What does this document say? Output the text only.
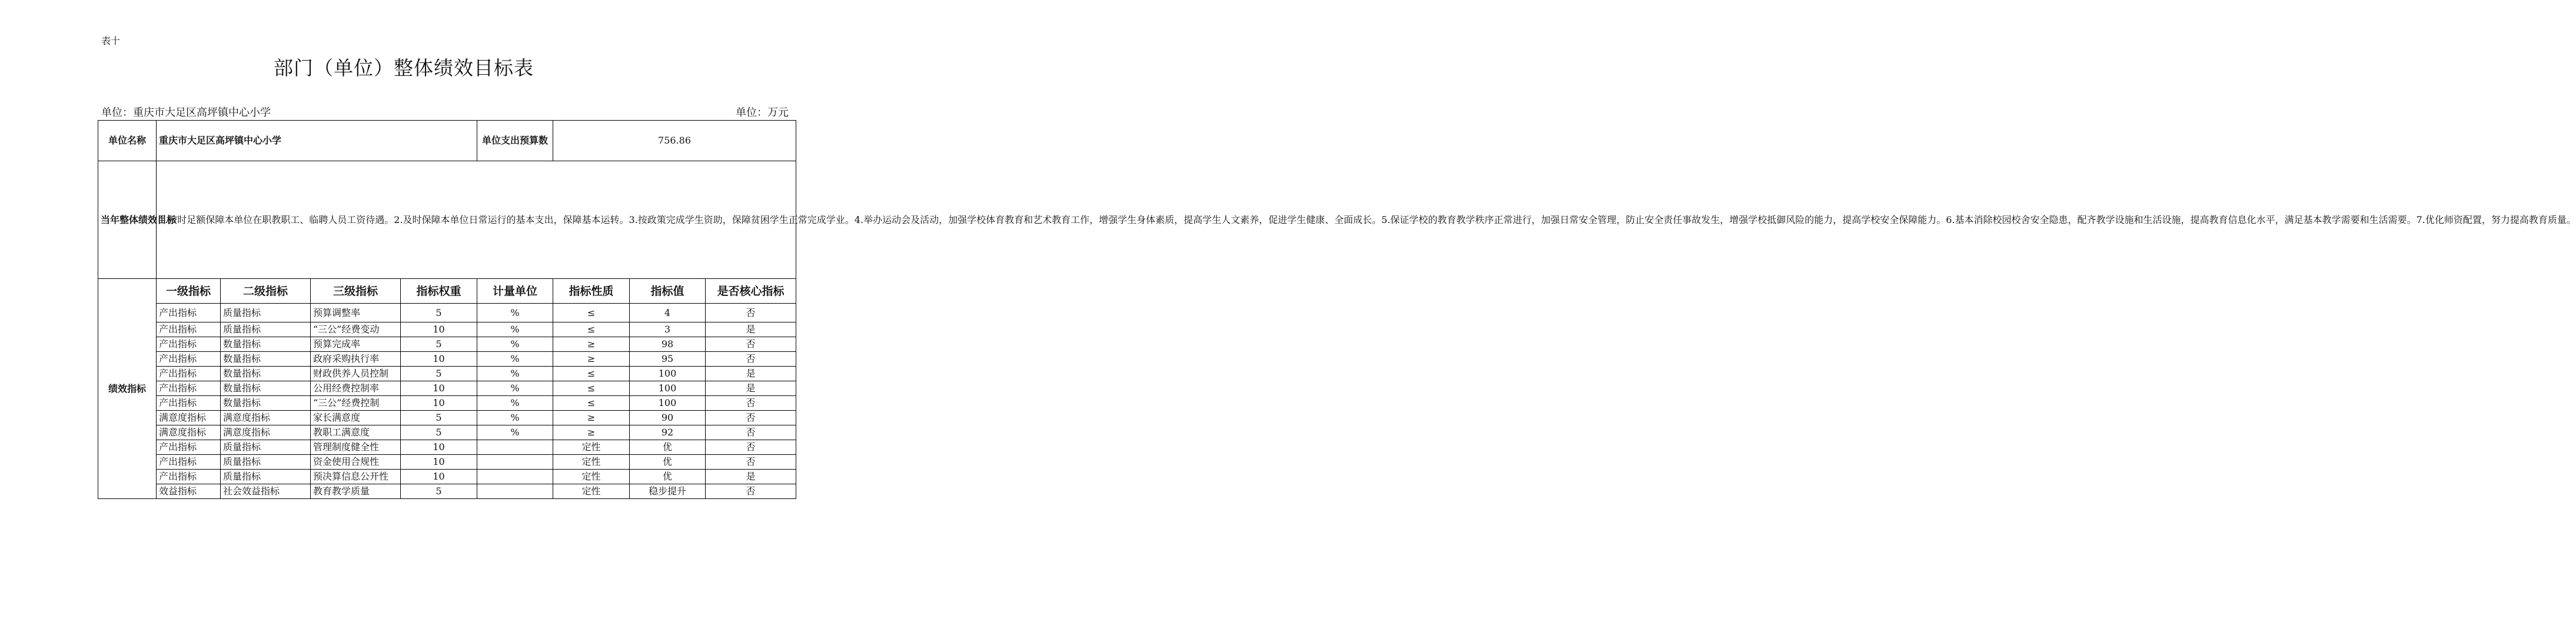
表十
部门（单位）整体绩效目标表
单位：重庆市大足区高坪镇中心小学	单位：万元
单位名称	重庆市大足区高坪镇中心小学				单位支出预算数	756.86		
当年整体绩效目标	1.按时足额保障本单位在职教职工、临聘人员工资待遇。2.及时保障本单位日常运行的基本支出，保障基本运转。3.按政策完成学生资助，保障贫困学生正常完成学业。4.举办运动会及活动，加强学校体育教育和艺术教育工作，增强学生身体素质，提高学生人文素养，促进学生健康、全面成长。5.保证学校的教育教学秩序正常进行，加强日常安全管理，防止安全责任事故发生，增强学校抵御风险的能力，提高学校安全保障能力。6.基本消除校园校舍安全隐患，配齐教学设施和生活设施，提高教育信息化水平，满足基本教学需要和生活需要。7.优化师资配置，努力提高教育质量。							
绩效指标	一级指标	二级指标	三级指标	指标权重	计量单位	指标性质	指标值	是否核心指标
	产出指标	质量指标	预算调整率	5	%	≤	4	否
	产出指标	质量指标	“三公”经费变动	10	%	≤	3	是
	产出指标	数量指标	预算完成率	5	%	≥	98	否
	产出指标	数量指标	政府采购执行率	10	%	≥	95	否
	产出指标	数量指标	财政供养人员控制	5	%	≤	100	是
	产出指标	数量指标	公用经费控制率	10	%	≤	100	是
	产出指标	数量指标	“三公”经费控制	10	%	≤	100	否
	满意度指标	满意度指标	家长满意度	5	%	≥	90	否
	满意度指标	满意度指标	教职工满意度	5	%	≥	92	否
	产出指标	质量指标	管理制度健全性	10		定性	优	否
	产出指标	质量指标	资金使用合规性	10		定性	优	否
	产出指标	质量指标	预决算信息公开性	10		定性	优	是
	效益指标	社会效益指标	教育教学质量	5		定性	稳步提升	否
